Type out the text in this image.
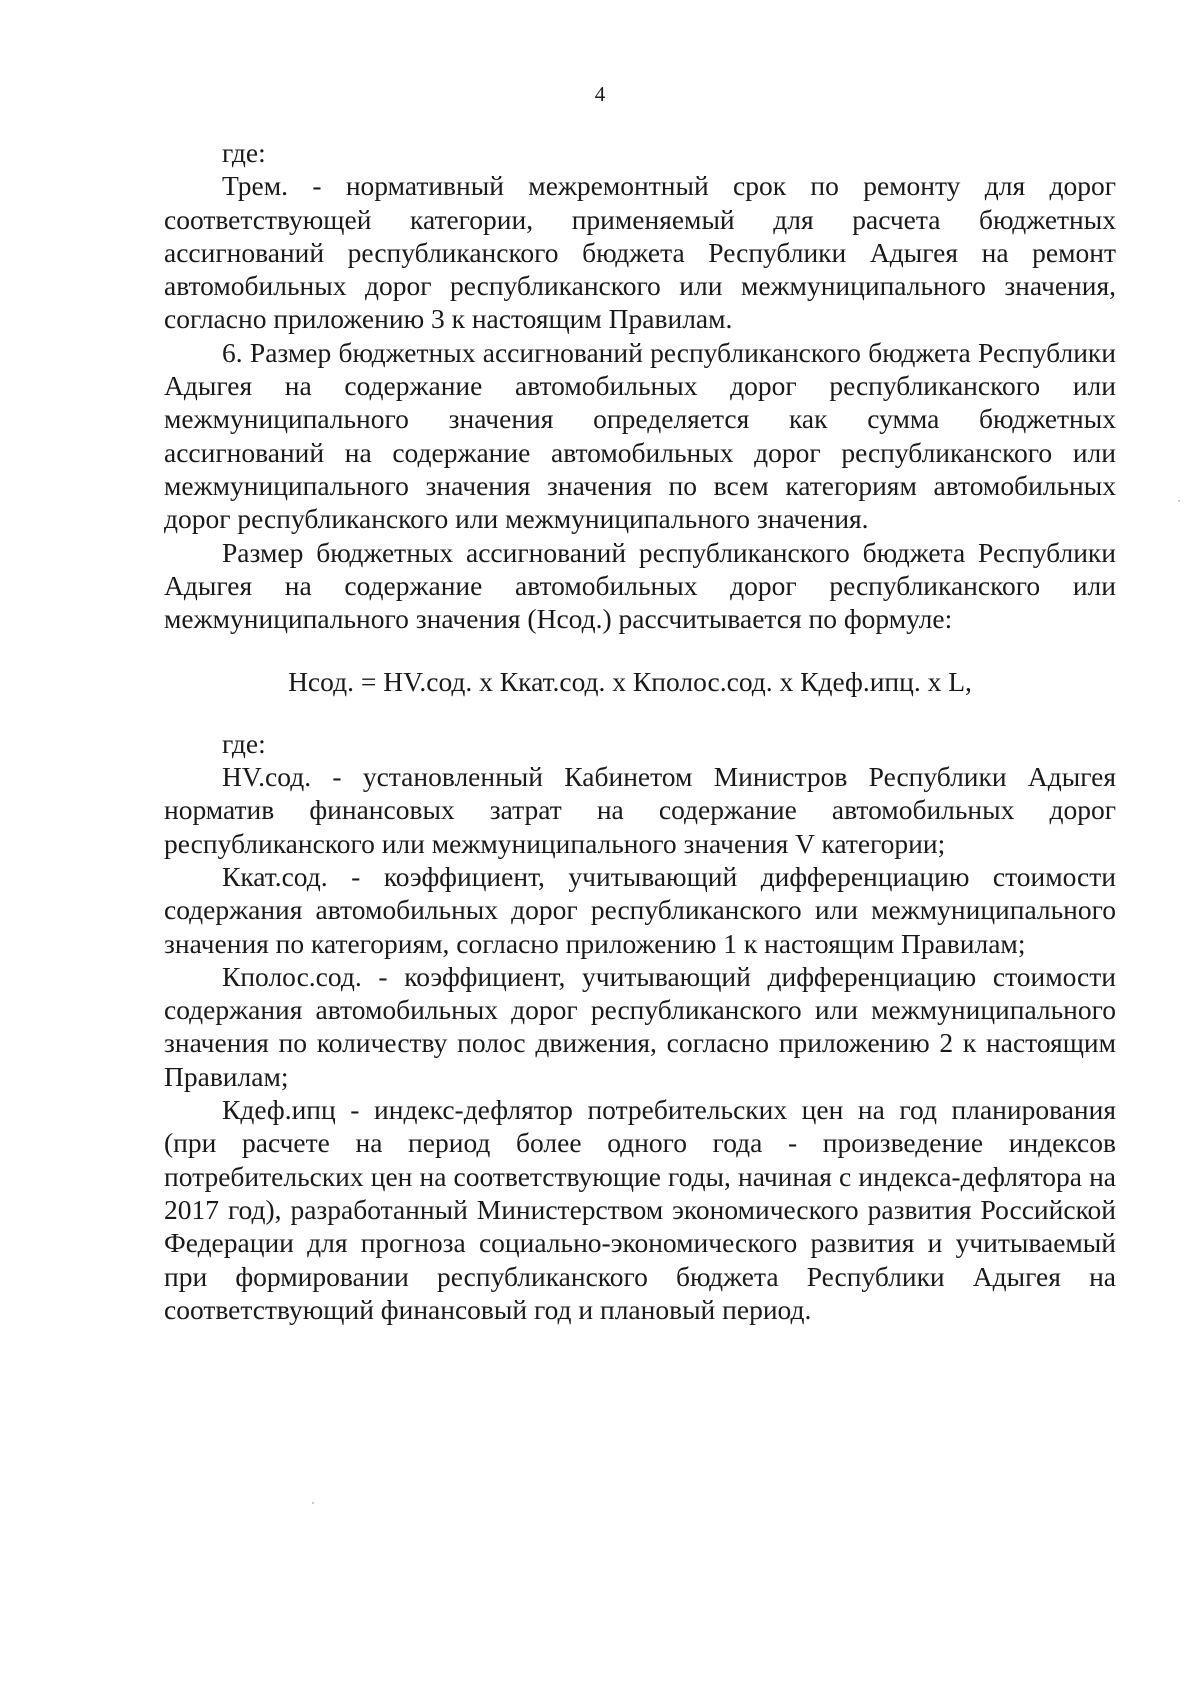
4

где:

Трем. - нормативный межремонтный срок по ремонту для дорог соответствующей категории, применяемый для расчета бюджетных ассигнований республиканского бюджета Республики Адыгея на ремонт автомобильных дорог республиканского или межмуниципального значения, согласно приложению 3 к настоящим Правилам.

6. Размер бюджетных ассигнований республиканского бюджета Республики Адыгея на содержание автомобильных дорог республиканского или межмуниципального значения определяется как сумма бюджетных ассигнований на содержание автомобильных дорог республиканского или межмуниципального значения значения по всем категориям автомобильных дорог республиканского или межмуниципального значения.

Размер бюджетных ассигнований республиканского бюджета Республики Адыгея на содержание автомобильных дорог республиканского или межмуниципального значения (Нсод.) рассчитывается по формуле:

Нсод. = НV.сод. х Ккат.сод. х Кполос.сод. х Кдеф.ипц. х L,

где:

НV.сод. - установленный Кабинетом Министров Республики Адыгея норматив финансовых затрат на содержание автомобильных дорог республиканского или межмуниципального значения V категории;

Ккат.сод. - коэффициент, учитывающий дифференциацию стоимости содержания автомобильных дорог республиканского или межмуниципального значения по категориям, согласно приложению 1 к настоящим Правилам;

Кполос.сод. - коэффициент, учитывающий дифференциацию стоимости содержания автомобильных дорог республиканского или межмуниципального значения по количеству полос движения, согласно приложению 2 к настоящим Правилам;

Кдеф.ипц - индекс-дефлятор потребительских цен на год планирования (при расчете на период более одного года - произведение индексов потребительских цен на соответствующие годы, начиная с индекса-дефлятора на 2017 год), разработанный Министерством экономического развития Российской Федерации для прогноза социально-экономического развития и учитываемый при формировании республиканского бюджета Республики Адыгея на соответствующий финансовый год и плановый период.
